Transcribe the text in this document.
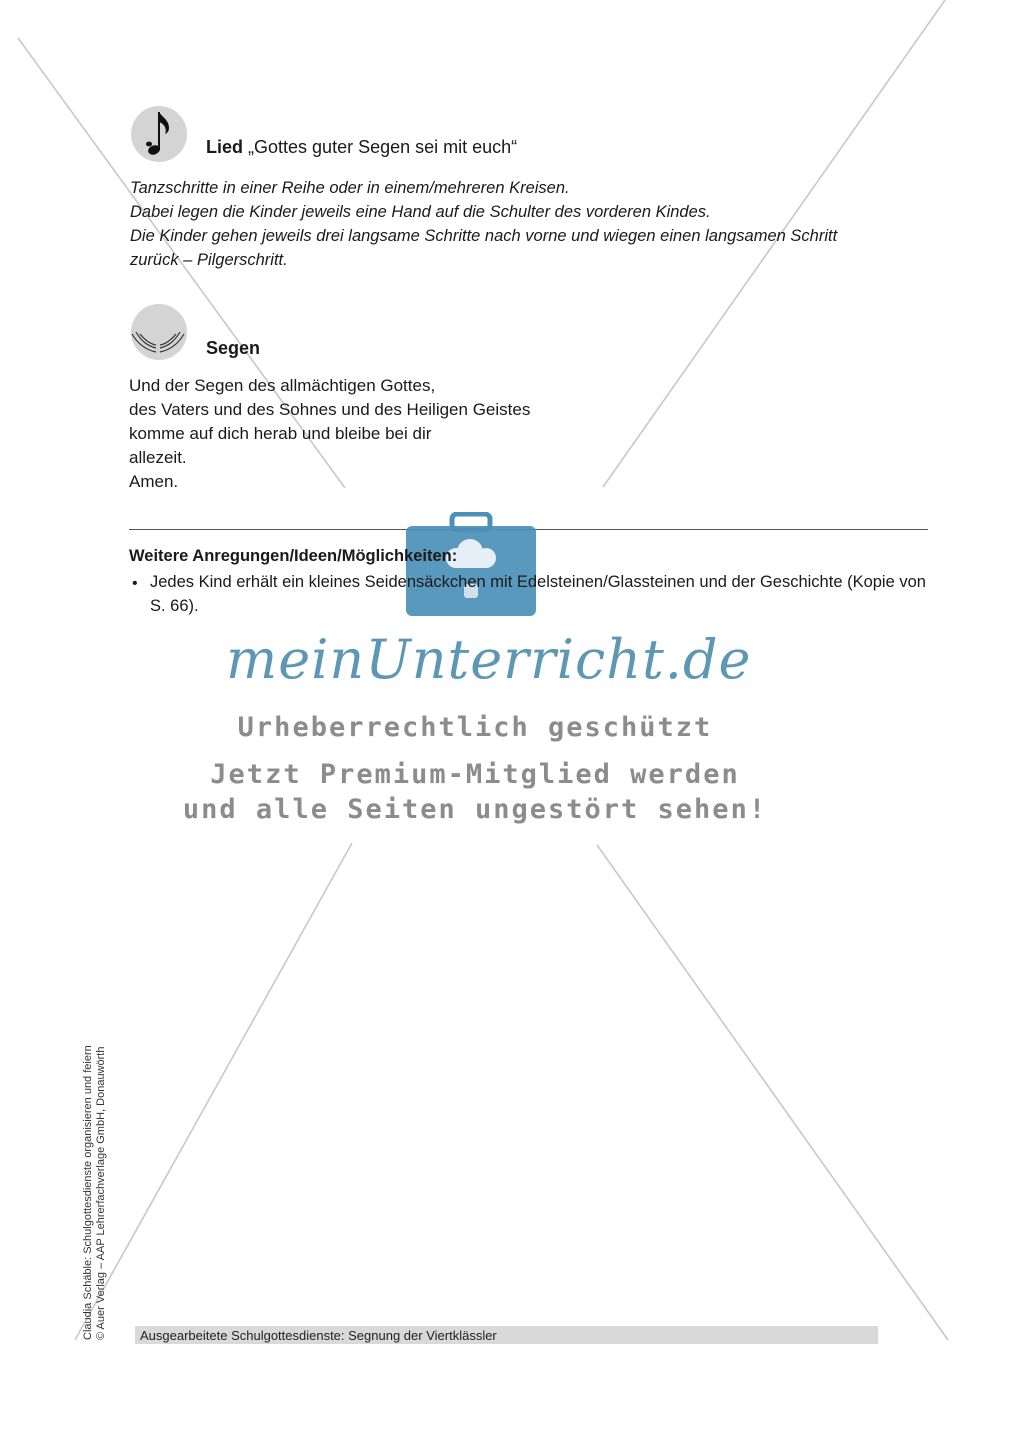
Lied „Gottes guter Segen sei mit euch“
Tanzschritte in einer Reihe oder in einem/mehreren Kreisen.
Dabei legen die Kinder jeweils eine Hand auf die Schulter des vorderen Kindes.
Die Kinder gehen jeweils drei langsame Schritte nach vorne und wiegen einen langsamen Schritt
zurück – Pilgerschritt.
Segen
Und der Segen des allmächtigen Gottes,
des Vaters und des Sohnes und des Heiligen Geistes
komme auf dich herab und bleibe bei dir
allezeit.
Amen.
Weitere Anregungen/Ideen/Möglichkeiten:
• Jedes Kind erhält ein kleines Seidensäckchen mit Edelsteinen/Glassteinen und der Geschichte (Kopie von S. 66).
meinUnterricht.de
Urheberrechtlich geschützt
Jetzt Premium-Mitglied werden
und alle Seiten ungestört sehen!
Claudia Schäble: Schulgottesdienste organisieren und feiern © Auer Verlag – AAP Lehrerfachverlage GmbH, Donauwörth	Ausgearbeitete Schulgottesdienste: Segnung der Viertklässler
